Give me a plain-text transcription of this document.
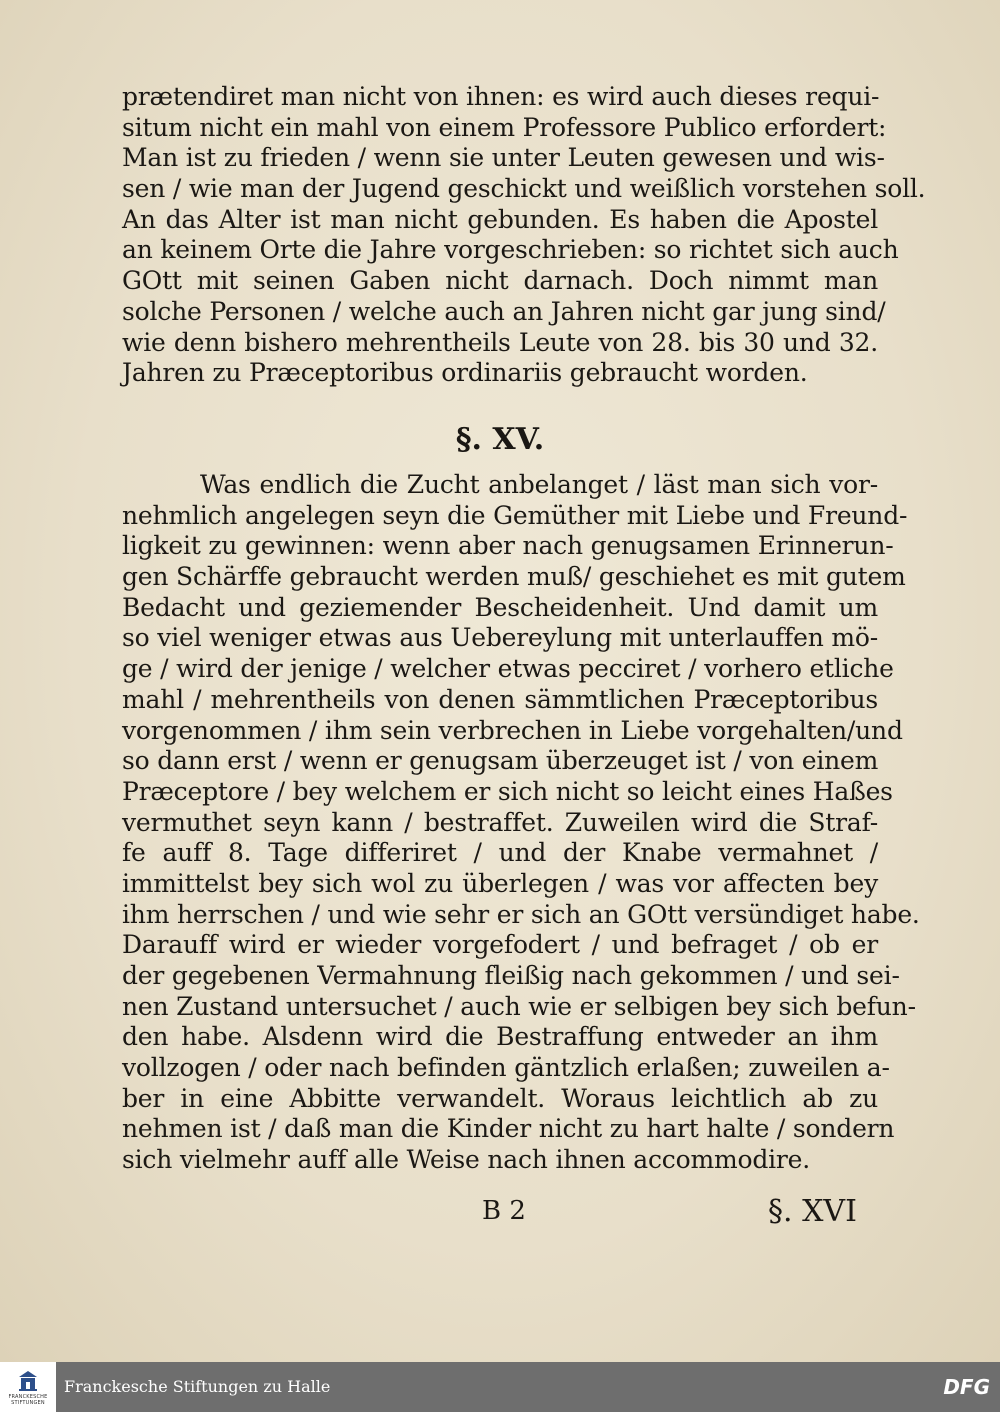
prætendiret man nicht von ihnen: es wird auch dieses requi-
situm nicht ein mahl von einem Professore Publico erfordert:
Man ist zu frieden / wenn sie unter Leuten gewesen und wis-
sen / wie man der Jugend geschickt und weißlich vorstehen soll.
An das Alter ist man nicht gebunden. Es haben die Apostel
an keinem Orte die Jahre vorgeschrieben: so richtet sich auch
GOtt mit seinen Gaben nicht darnach. Doch nimmt man
solche Personen / welche auch an Jahren nicht gar jung sind/
wie denn bishero mehrentheils Leute von 28. bis 30 und 32.
Jahren zu Præceptoribus ordinariis gebraucht worden.
§. XV.
Was endlich die Zucht anbelanget / läst man sich vor-
nehmlich angelegen seyn die Gemüther mit Liebe und Freund-
ligkeit zu gewinnen: wenn aber nach genugsamen Erinnerun-
gen Schärffe gebraucht werden muß/ geschiehet es mit gutem
Bedacht und geziemender Bescheidenheit. Und damit um
so viel weniger etwas aus Uebereylung mit unterlauffen mö-
ge / wird der jenige / welcher etwas pecciret / vorhero etliche
mahl / mehrentheils von denen sämmtlichen Præceptoribus
vorgenommen / ihm sein verbrechen in Liebe vorgehalten/und
so dann erst / wenn er genugsam überzeuget ist / von einem
Præceptore / bey welchem er sich nicht so leicht eines Haßes
vermuthet seyn kann / bestraffet. Zuweilen wird die Straf-
fe auff 8. Tage differiret / und der Knabe vermahnet /
immittelst bey sich wol zu überlegen / was vor affecten bey
ihm herrschen / und wie sehr er sich an GOtt versündiget habe.
Darauff wird er wieder vorgefodert / und befraget / ob er
der gegebenen Vermahnung fleißig nach gekommen / und sei-
nen Zustand untersuchet / auch wie er selbigen bey sich befun-
den habe. Alsdenn wird die Bestraffung entweder an ihm
vollzogen / oder nach befinden gäntzlich erlaßen; zuweilen a-
ber in eine Abbitte verwandelt. Woraus leichtlich ab zu
nehmen ist / daß man die Kinder nicht zu hart halte / sondern
sich vielmehr auff alle Weise nach ihnen accommodire.
B 2	§. XVI
FRANCKESCHE
STIFTUNGEN
Franckesche Stiftungen zu Halle	DFG
